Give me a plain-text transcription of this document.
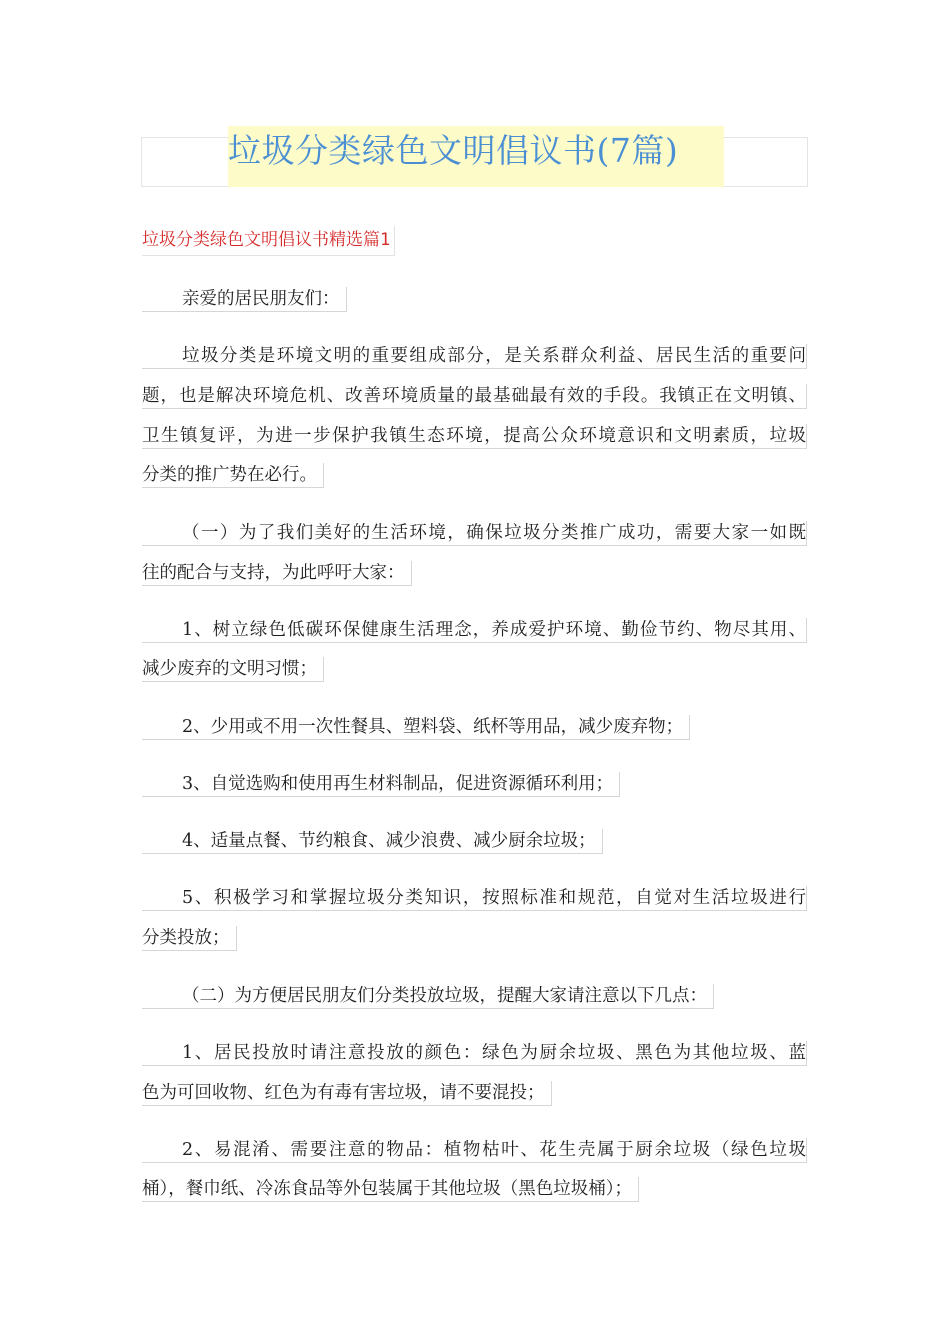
垃圾分类绿色文明倡议书(7篇)
垃圾分类绿色文明倡议书精选篇1
亲爱的居民朋友们：
垃圾分类是环境文明的重要组成部分，是关系群众利益、居民生活的重要问
题，也是解决环境危机、改善环境质量的最基础最有效的手段。我镇正在文明镇、
卫生镇复评，为进一步保护我镇生态环境，提高公众环境意识和文明素质，垃圾
分类的推广势在必行。
（一）为了我们美好的生活环境，确保垃圾分类推广成功，需要大家一如既
往的配合与支持，为此呼吁大家：
1、树立绿色低碳环保健康生活理念，养成爱护环境、勤俭节约、物尽其用、
减少废弃的文明习惯；
2、少用或不用一次性餐具、塑料袋、纸杯等用品，减少废弃物；
3、自觉选购和使用再生材料制品，促进资源循环利用；
4、适量点餐、节约粮食、减少浪费、减少厨余垃圾；
5、积极学习和掌握垃圾分类知识，按照标准和规范，自觉对生活垃圾进行
分类投放；
（二）为方便居民朋友们分类投放垃圾，提醒大家请注意以下几点：
1、居民投放时请注意投放的颜色：绿色为厨余垃圾、黑色为其他垃圾、蓝
色为可回收物、红色为有毒有害垃圾，请不要混投；
2、易混淆、需要注意的物品：植物枯叶、花生壳属于厨余垃圾（绿色垃圾
桶），餐巾纸、冷冻食品等外包装属于其他垃圾（黑色垃圾桶）；
